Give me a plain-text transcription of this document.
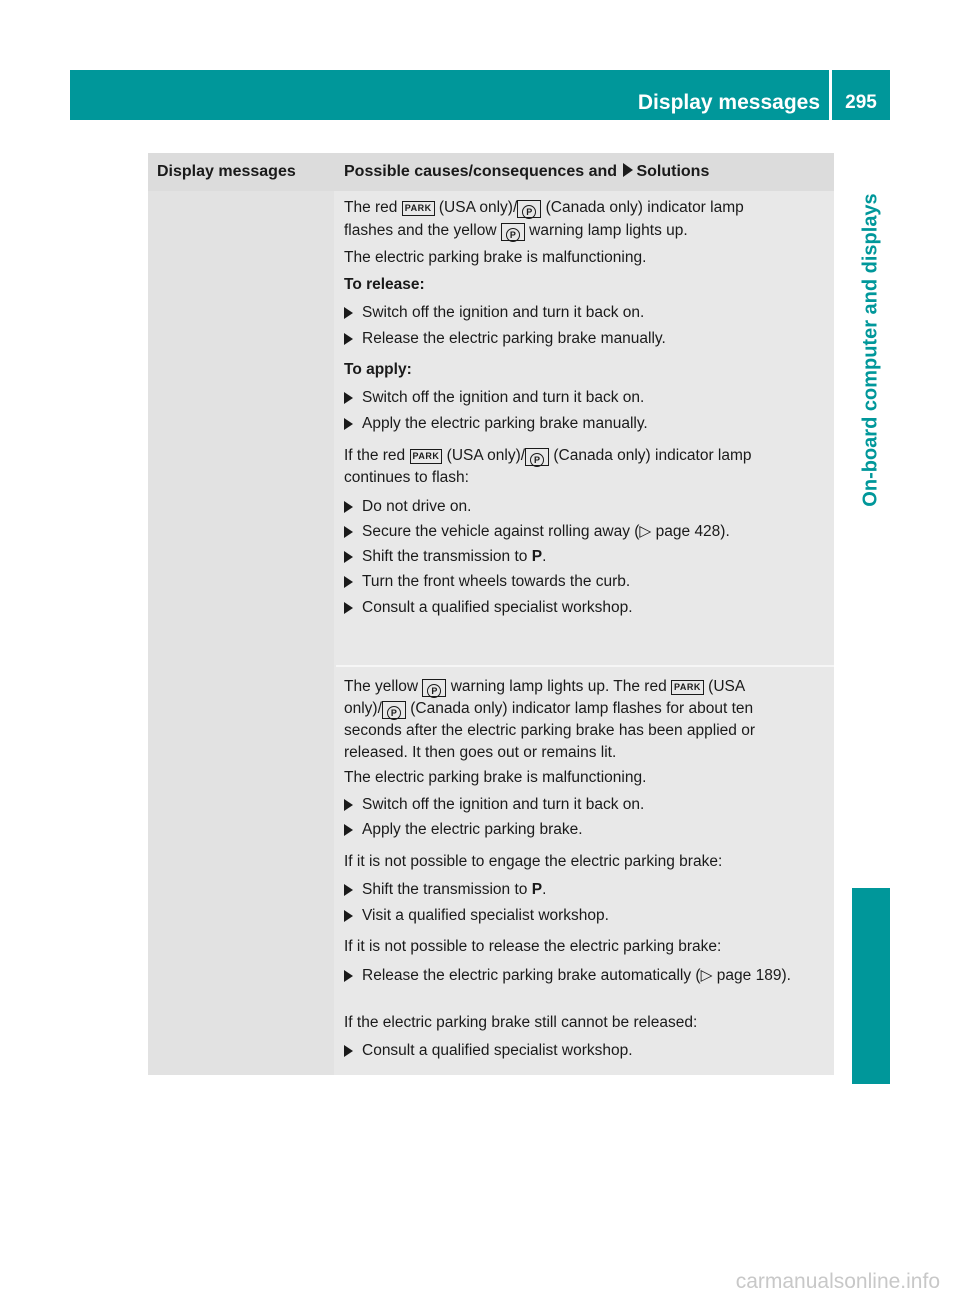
Display messages	295
On-board computer and displays
Display messages	Possible causes/consequences and Solutions
The red PARK (USA only)/ P (Canada only) indicator lamp
flashes and the yellow P warning lamp lights up.
The electric parking brake is malfunctioning.
To release:
Switch off the ignition and turn it back on.
Release the electric parking brake manually.
To apply:
Switch off the ignition and turn it back on.
Apply the electric parking brake manually.
If the red PARK (USA only)/ P (Canada only) indicator lamp
continues to flash:
Do not drive on.
Secure the vehicle against rolling away (▷ page 428).
Shift the transmission to P.
Turn the front wheels towards the curb.
Consult a qualified specialist workshop.
The yellow P warning lamp lights up. The red PARK (USA
only)/ P (Canada only) indicator lamp flashes for about ten
seconds after the electric parking brake has been applied or
released. It then goes out or remains lit.
The electric parking brake is malfunctioning.
Switch off the ignition and turn it back on.
Apply the electric parking brake.
If it is not possible to engage the electric parking brake:
Shift the transmission to P.
Visit a qualified specialist workshop.
If it is not possible to release the electric parking brake:
Release the electric parking brake automatically (▷ page 189).
If the electric parking brake still cannot be released:
Consult a qualified specialist workshop.
carmanualsonline.info
